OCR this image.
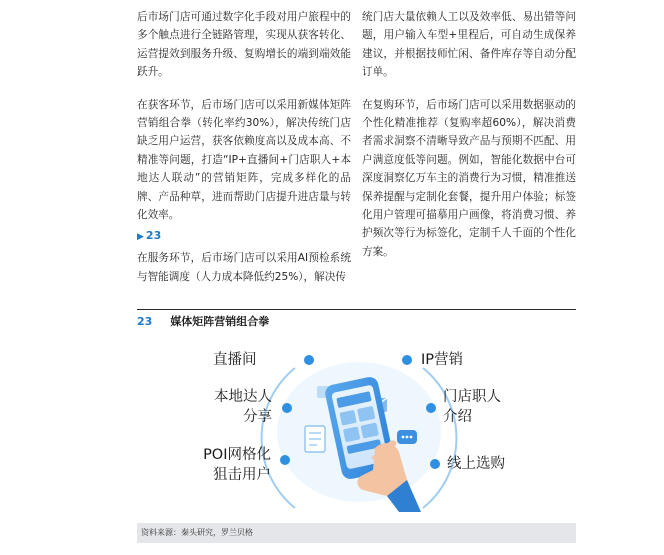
后市场门店可通过数字化手段对用户旅程中的多个触点进行全链路管理，实现从获客转化、运营提效到服务升级、复购增长的端到端效能跃升。

在获客环节，后市场门店可以采用新媒体矩阵营销组合拳（转化率约30%），解决传统门店缺乏用户运营，获客依赖度高以及成本高、不精准等问题，打造“IP+直播间+门店职人+本地达人联动”的营销矩阵，完成多样化的品牌、产品种草，进而帮助门店提升进店量与转化效率。

▶ 23

在服务环节，后市场门店可以采用AI预检系统与智能调度（人力成本降低约25%），解决传

统门店大量依赖人工以及效率低、易出错等问题，用户输入车型+里程后，可自动生成保养建议，并根据技师忙闲、备件库存等自动分配订单。

在复购环节，后市场门店可以采用数据驱动的个性化精准推荐（复购率超60%），解决消费者需求洞察不清晰导致产品与预期不匹配、用户满意度低等问题。例如，智能化数据中台可深度洞察亿万车主的消费行为习惯，精准推送保养提醒与定制化套餐，提升用户体验；标签化用户管理可描摹用户画像，将消费习惯、养护频次等行为标签化，定制千人千面的个性化方案。

23 媒体矩阵营销组合拳
直播间	IP营销
本地达人
分享
门店职人
介绍
POI网格化
狙击用户
线上选购
资料来源：秦头研究，罗兰贝格
